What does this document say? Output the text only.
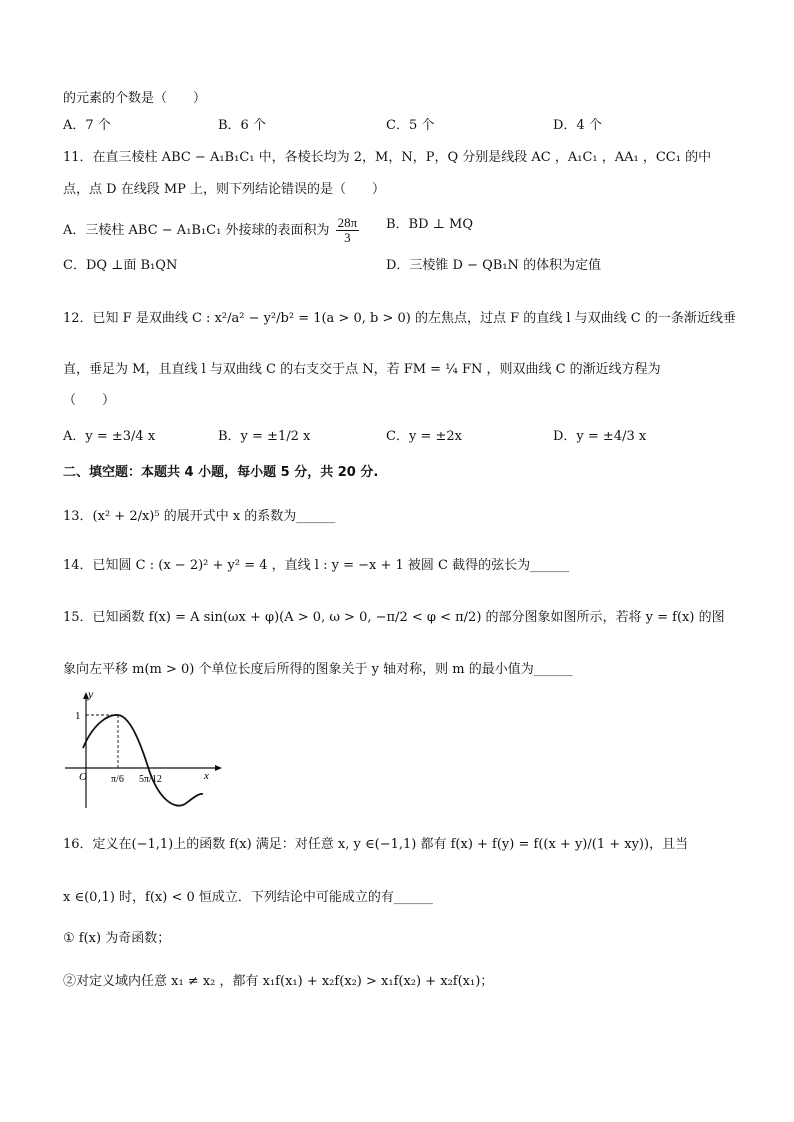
的元素的个数是（　　）
A．7 个	B．6 个	C．5 个	D．4 个
11．在直三棱柱 ABC − A₁B₁C₁ 中，各棱长均为 2，M，N，P，Q 分别是线段 AC ，A₁C₁ ，AA₁ ，CC₁ 的中
点，点 D 在线段 MP 上，则下列结论错误的是（　　）
A．三棱柱 ABC − A₁B₁C₁ 外接球的表面积为 $\frac{28\pi}{3}$ B．BD ⊥ MQ
C．DQ ⊥面 B₁QN	D．三棱锥 D − QB₁N 的体积为定值
12．已知 F 是双曲线 C : x²/a² − y²/b² = 1(a > 0, b > 0) 的左焦点，过点 F 的直线 l 与双曲线 C 的一条渐近线垂
直，垂足为 M，且直线 l 与双曲线 C 的右支交于点 N，若 FM = ¼ FN ，则双曲线 C 的渐近线方程为
（　　）
A．y = ±3/4 x	B．y = ±1/2 x	C．y = ±2x	D．y = ±4/3 x
二、填空题：本题共 4 小题，每小题 5 分，共 20 分.
13．(x² + 2/x)⁵ 的展开式中 x 的系数为______
14．已知圆 C : (x − 2)² + y² = 4 ，直线 l : y = −x + 1 被圆 C 截得的弦长为______
15．已知函数 f(x) = A sin(ωx + φ)(A > 0, ω > 0, −π/2 < φ < π/2) 的部分图象如图所示，若将 y = f(x) 的图
象向左平移 m(m > 0) 个单位长度后所得的图象关于 y 轴对称，则 m 的最小值为______
y
1
O	x
π/6 5π/12
16．定义在(−1,1)上的函数 f(x) 满足：对任意 x, y ∈(−1,1) 都有 f(x) + f(y) = f((x + y)/(1 + xy))，且当
x ∈(0,1) 时，f(x) < 0 恒成立．下列结论中可能成立的有______
① f(x) 为奇函数；
②对定义域内任意 x₁ ≠ x₂ ，都有 x₁f(x₁) + x₂f(x₂) > x₁f(x₂) + x₂f(x₁)；
